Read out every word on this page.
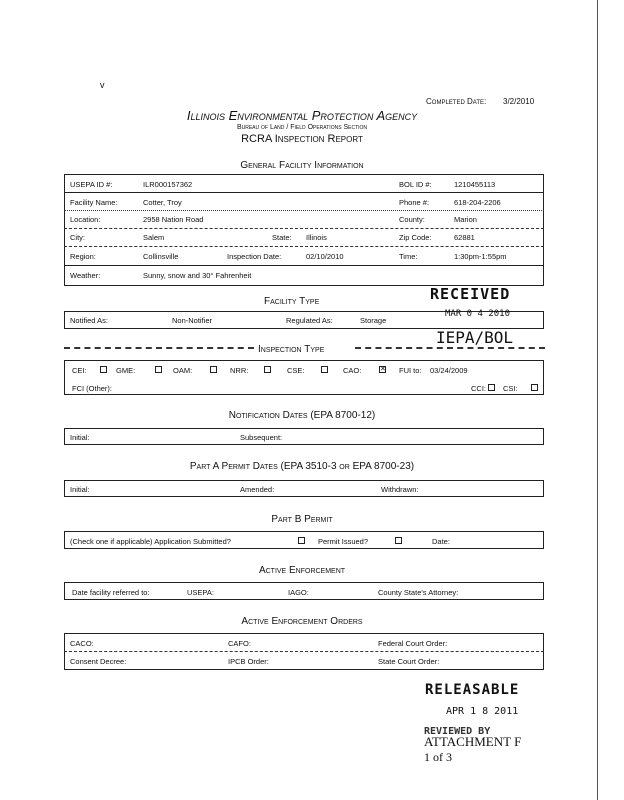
v
Completed Date: 3/2/2010
Illinois Environmental Protection Agency
Bureau of Land / Field Operations Section
RCRA Inspection Report
General Facility Information
USEPA ID #:	ILR000157362	BOL ID #:	1210455113
Facility Name:	Cotter, Troy	Phone #:	618-204-2206
Location:	2958 Nation Road	County:	Marion
City:	Salem	State: Illinois	Zip Code:	62881
Region:	Collinsville	Inspection Date:	02/10/2010	Time:	1:30pm-1:55pm
Weather:	Sunny, snow and 30° Fahrenheit
Facility Type	RECEIVED
Notified As:	Non-Notifier	Regulated As:	Storage
MAR 0 4 2010
IEPA/BOL
Inspection Type
CEI:	GME:	OAM:	NRR:	CSE:	CAO:	✕ FUI to: 03/24/2009
FCI (Other):	CCI: CSI:
Notification Dates (EPA 8700-12)
Initial:	Subsequent:
Part A Permit Dates (EPA 3510-3 or EPA 8700-23)
Initial:	Amended:	Withdrawn:
Part B Permit
(Check one if applicable) Application Submitted?	Permit Issued?	Date:
Active Enforcement
Date facility referred to:	USEPA:	IAGO:	County State's Attorney:
Active Enforcement Orders
CACO:	CAFO:	Federal Court Order:
Consent Decree:	IPCB Order:	State Court Order:
RELEASABLE
APR 1 8 2011
REVIEWED BY
ATTACHMENT F
1 of 3
